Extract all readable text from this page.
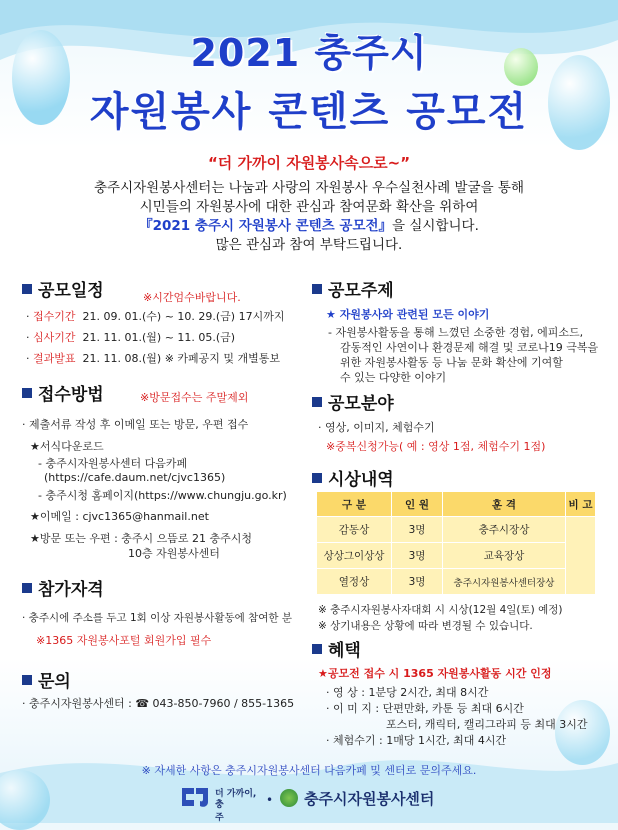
2021 충주시
자원봉사 콘텐츠 공모전
“더 가까이 자원봉사속으로~”
충주시자원봉사센터는 나눔과 사랑의 자원봉사 우수실천사례 발굴을 통해
시민들의 자원봉사에 대한 관심과 참여문화 확산을 위하여
『2021 충주시 자원봉사 콘텐츠 공모전』을 실시합니다.
많은 관심과 참여 부탁드립니다.
공모일정	※시간엄수바랍니다.
· 접수기간 21. 09. 01.(수) ~ 10. 29.(금) 17시까지
· 심사기간 21. 11. 01.(월) ~ 11. 05.(금)
· 결과발표 21. 11. 08.(월) ※ 카페공지 및 개별통보
접수방법	※방문접수는 주말제외
· 제출서류 작성 후 이메일 또는 방문, 우편 접수
★서식다운로드
- 충주시자원봉사센터 다음카페
(https://cafe.daum.net/cjvc1365)
- 충주시청 홈페이지(https://www.chungju.go.kr)
★이메일 : cjvc1365@hanmail.net
★방문 또는 우편 : 충주시 으뜸로 21 충주시청
10층 자원봉사센터
참가자격
· 충주시에 주소를 두고 1회 이상 자원봉사활동에 참여한 분
※1365 자원봉사포털 회원가입 필수
문의
· 충주시자원봉사센터 : ☎ 043-850-7960 / 855-1365
공모주제
★ 자원봉사와 관련된 모든 이야기
- 자원봉사활동을 통해 느꼈던 소중한 경험, 에피소드,
감동적인 사연이나 환경문제 해결 및 코로나19 극복을
위한 자원봉사활동 등 나눔 문화 확산에 기여할
수 있는 다양한 이야기
공모분야
· 영상, 이미지, 체험수기
※중복신청가능( 예 : 영상 1점, 체험수기 1점)
시상내역
구 분	인 원	훈 격	비 고
감동상	3명	충주시장상	
상상그이상상	3명	교육장상	
열정상	3명	충주시자원봉사센터장상	
※ 충주시자원봉사자대회 시 시상(12월 4일(토) 예정)
※ 상기내용은 상황에 따라 변경될 수 있습니다.
혜택
★공모전 접수 시 1365 자원봉사활동 시간 인정
· 영 상 : 1분당 2시간, 최대 8시간
· 이 미 지 : 단편만화, 카툰 등 최대 6시간
포스터, 캐릭터, 캘리그라피 등 최대 3시간
· 체험수기 : 1매당 1시간, 최대 4시간
※ 자세한 사항은 충주시자원봉사센터 다음카페 및 센터로 문의주세요.
더 가까이,
충주
•	충주시자원봉사센터
